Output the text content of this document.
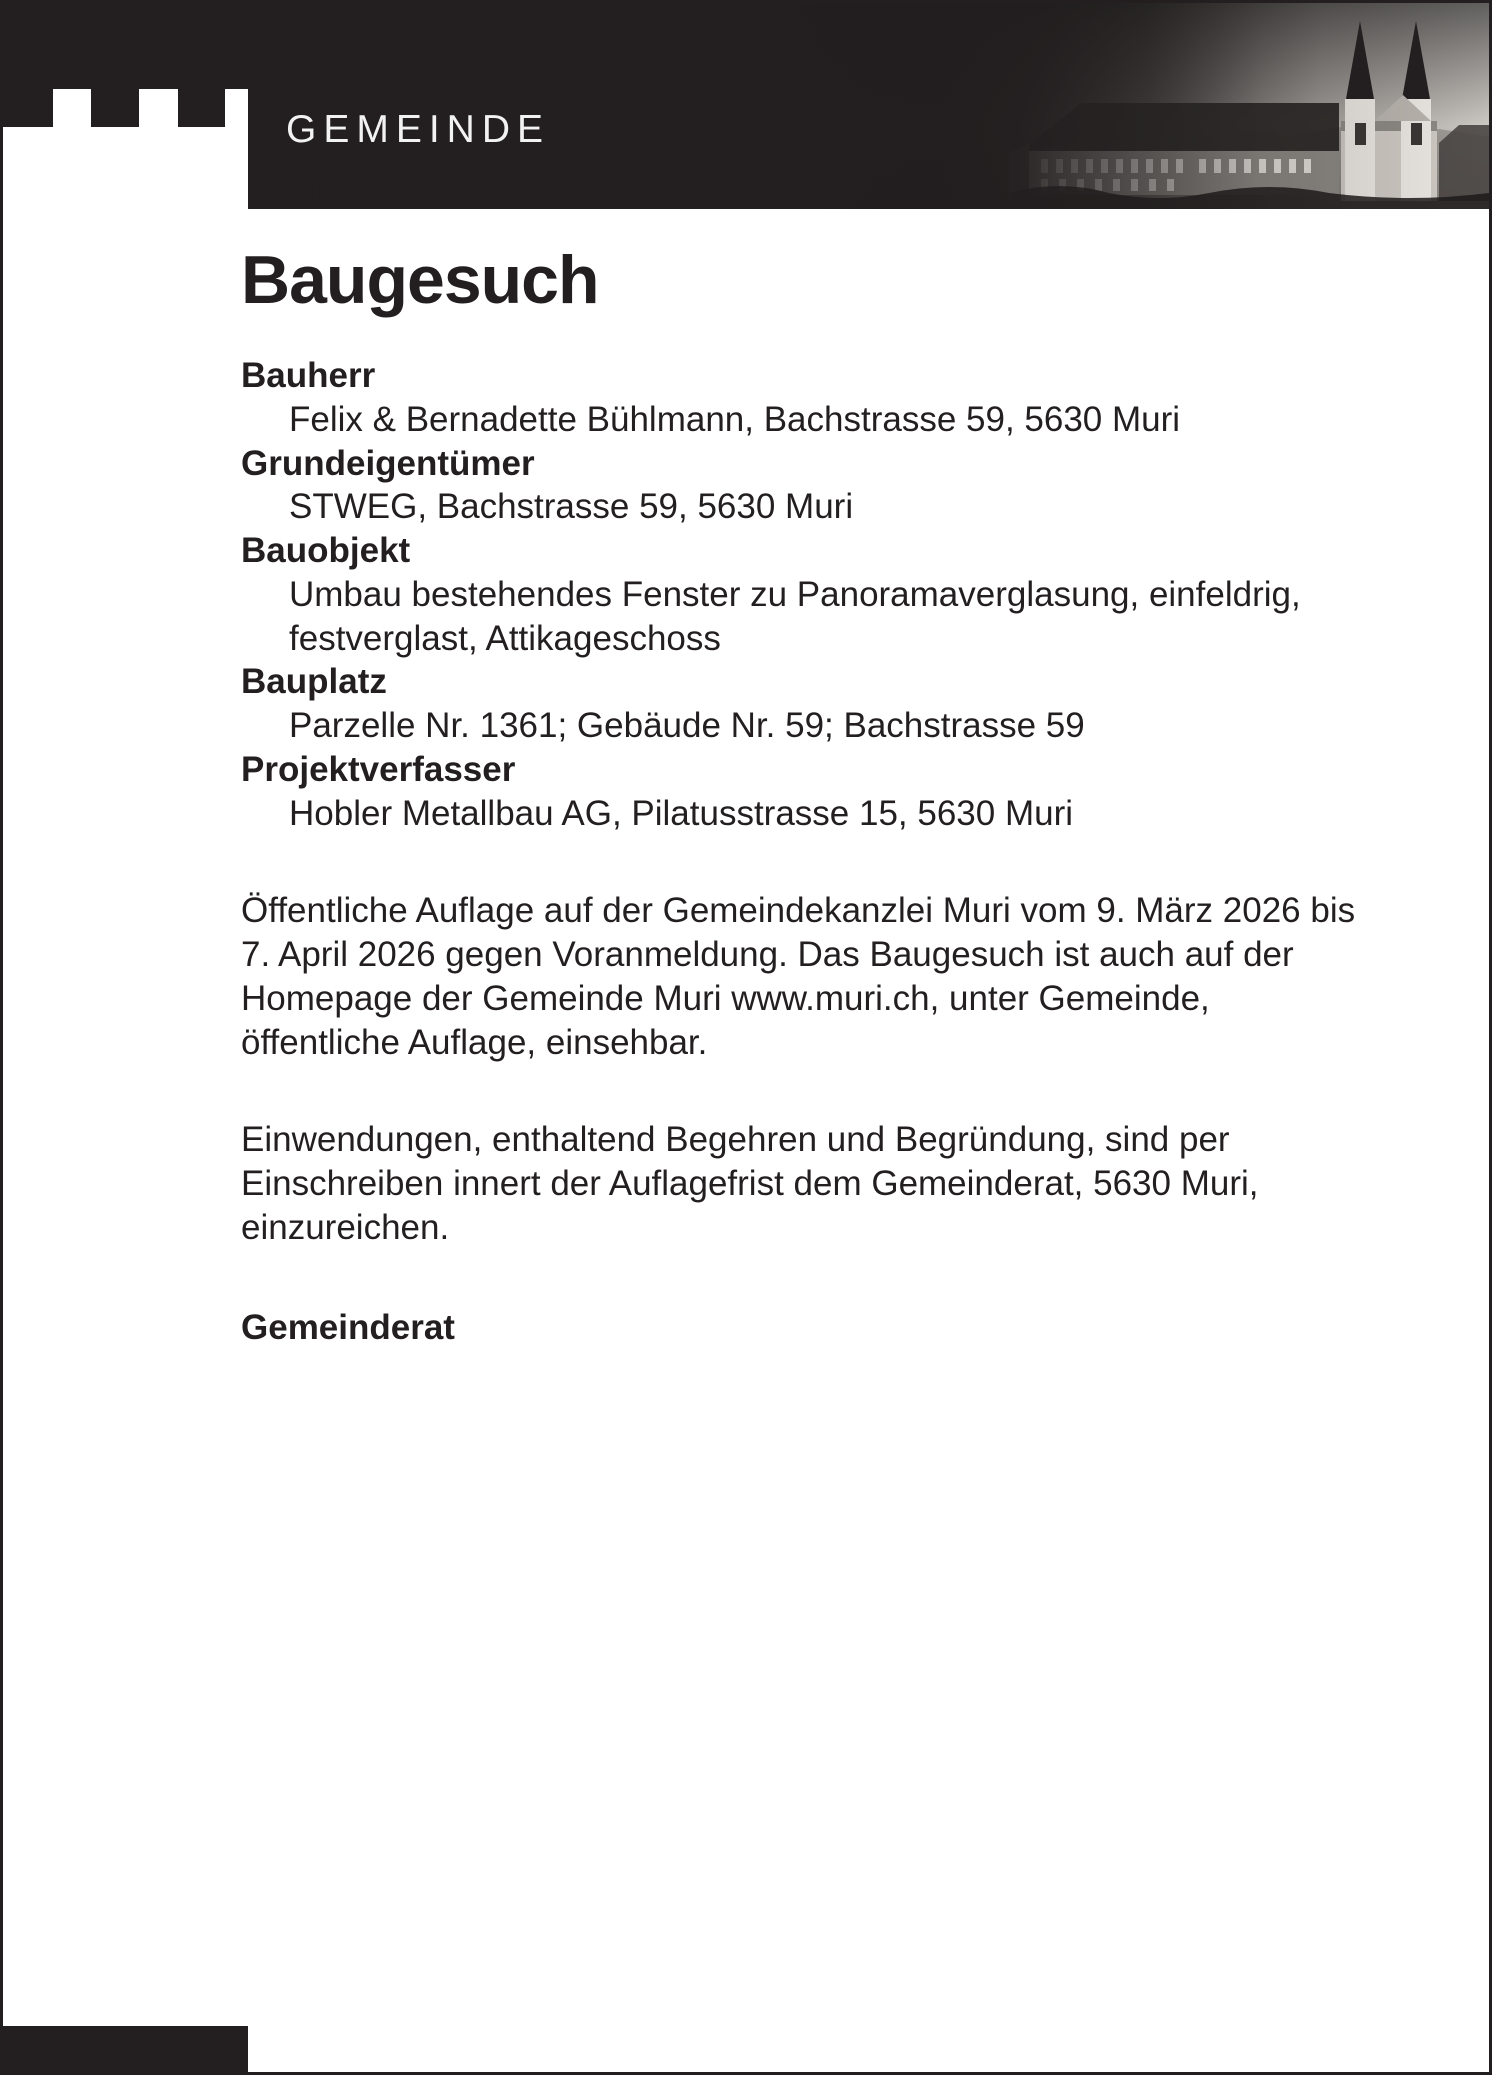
GEMEINDE
MURI
Baugesuch
Bauherr
Felix & Bernadette Bühlmann, Bachstrasse 59, 5630 Muri
Grundeigentümer
STWEG, Bachstrasse 59, 5630 Muri
Bauobjekt
Umbau bestehendes Fenster zu Panoramaverglasung, einfeldrig, festverglast, Attikageschoss
Bauplatz
Parzelle Nr. 1361; Gebäude Nr. 59; Bachstrasse 59
Projektverfasser
Hobler Metallbau AG, Pilatusstrasse 15, 5630 Muri

Öffentliche Auflage auf der Gemeindekanzlei Muri vom 9. März 2026 bis 7. April 2026 gegen Voranmeldung. Das Baugesuch ist auch auf der Homepage der Gemeinde Muri www.muri.ch, unter Gemeinde, öffentliche Auflage, einsehbar.

Einwendungen, enthaltend Begehren und Begründung, sind per Einschreiben innert der Auflagefrist dem Gemeinderat, 5630 Muri, einzureichen.

Gemeinderat
